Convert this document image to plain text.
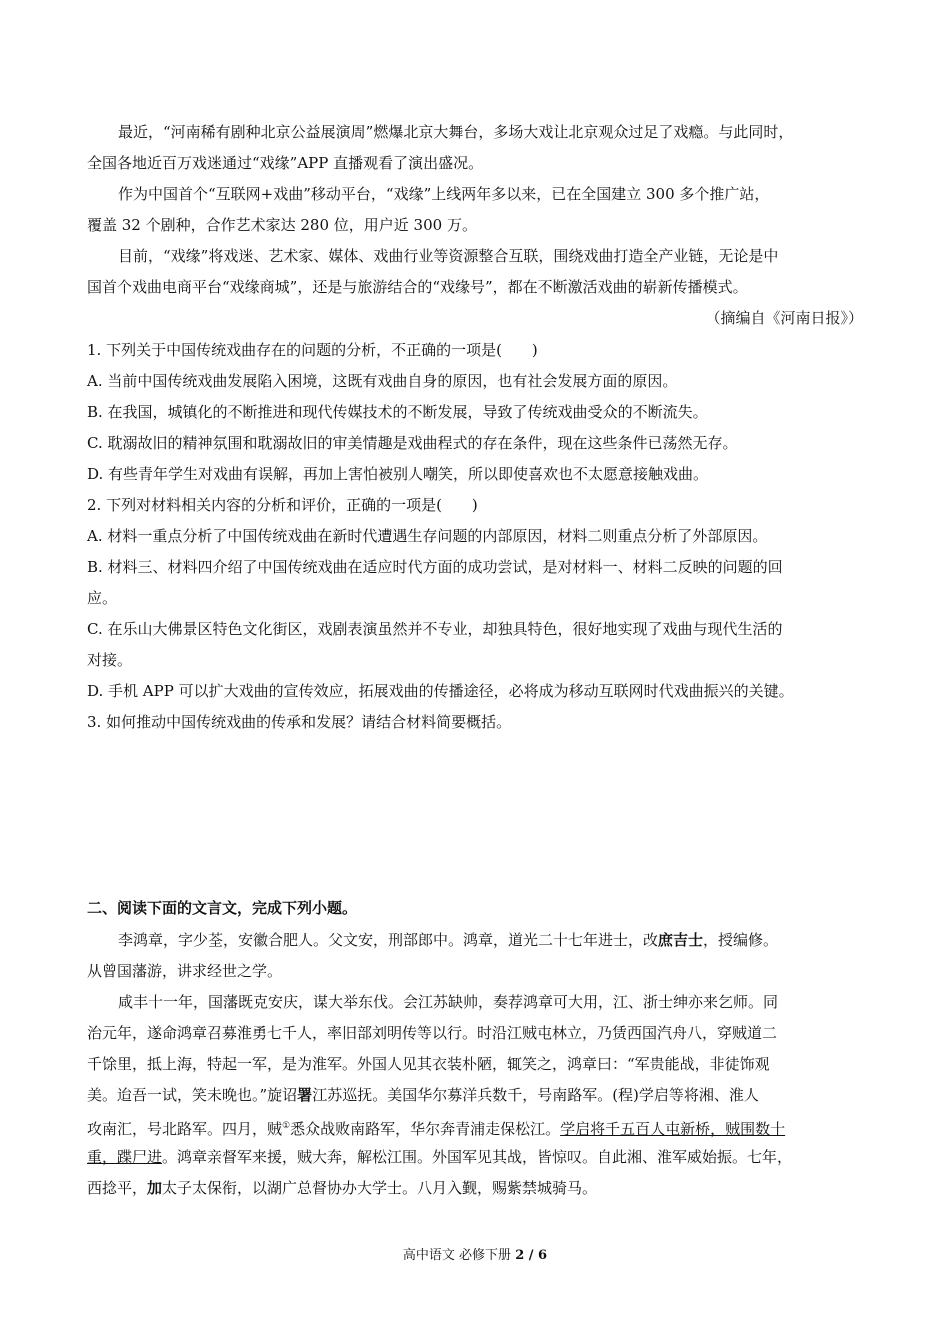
最近，“河南稀有剧种北京公益展演周”燃爆北京大舞台，多场大戏让北京观众过足了戏瘾。与此同时，
全国各地近百万戏迷通过“戏缘”APP 直播观看了演出盛况。
作为中国首个“互联网+戏曲”移动平台，“戏缘”上线两年多以来，已在全国建立 300 多个推广站，
覆盖 32 个剧种，合作艺术家达 280 位，用户近 300 万。
目前，“戏缘”将戏迷、艺术家、媒体、戏曲行业等资源整合互联，围绕戏曲打造全产业链，无论是中
国首个戏曲电商平台“戏缘商城”，还是与旅游结合的“戏缘号”，都在不断激活戏曲的崭新传播模式。
（摘编自《河南日报》）
1. 下列关于中国传统戏曲存在的问题的分析，不正确的一项是(　　)
A. 当前中国传统戏曲发展陷入困境，这既有戏曲自身的原因，也有社会发展方面的原因。
B. 在我国，城镇化的不断推进和现代传媒技术的不断发展，导致了传统戏曲受众的不断流失。
C. 耽溺故旧的精神氛围和耽溺故旧的审美情趣是戏曲程式的存在条件，现在这些条件已荡然无存。
D. 有些青年学生对戏曲有误解，再加上害怕被别人嘲笑，所以即使喜欢也不太愿意接触戏曲。
2. 下列对材料相关内容的分析和评价，正确的一项是(　　)
A. 材料一重点分析了中国传统戏曲在新时代遭遇生存问题的内部原因，材料二则重点分析了外部原因。
B. 材料三、材料四介绍了中国传统戏曲在适应时代方面的成功尝试，是对材料一、材料二反映的问题的回
应。
C. 在乐山大佛景区特色文化街区，戏剧表演虽然并不专业，却独具特色，很好地实现了戏曲与现代生活的
对接。
D. 手机 APP 可以扩大戏曲的宣传效应，拓展戏曲的传播途径，必将成为移动互联网时代戏曲振兴的关键。
3. 如何推动中国传统戏曲的传承和发展？请结合材料简要概括。
二、阅读下面的文言文，完成下列小题。
李鸿章，字少荃，安徽合肥人。父文安，刑部郎中。鸿章，道光二十七年进士，改庶吉士，授编修。
从曾国藩游，讲求经世之学。
咸丰十一年，国藩既克安庆，谋大举东伐。会江苏缺帅，奏荐鸿章可大用，江、浙士绅亦来乞师。同
治元年，遂命鸿章召募淮勇七千人，率旧部刘明传等以行。时沿江贼屯林立，乃赁西国汽舟八，穿贼道二
千馀里，抵上海，特起一军，是为淮军。外国人见其衣装朴陋，辄笑之，鸿章曰：“军贵能战，非徒饰观
美。迨吾一试，笑未晚也。”旋诏署江苏巡抚。美国华尔募洋兵数千，号南路军。(程)学启等将湘、淮人
攻南汇，号北路军。四月，贼①悉众战败南路军，华尔奔青浦走保松江。学启将千五百人屯新桥，贼围数十
重，蹀尸进。鸿章亲督军来援，贼大奔，解松江围。外国军见其战，皆惊叹。自此湘、淮军威始振。七年，
西捻平，加太子太保衔，以湖广总督协办大学士。八月入觐，赐紫禁城骑马。
高中语文 必修下册 2 / 6
